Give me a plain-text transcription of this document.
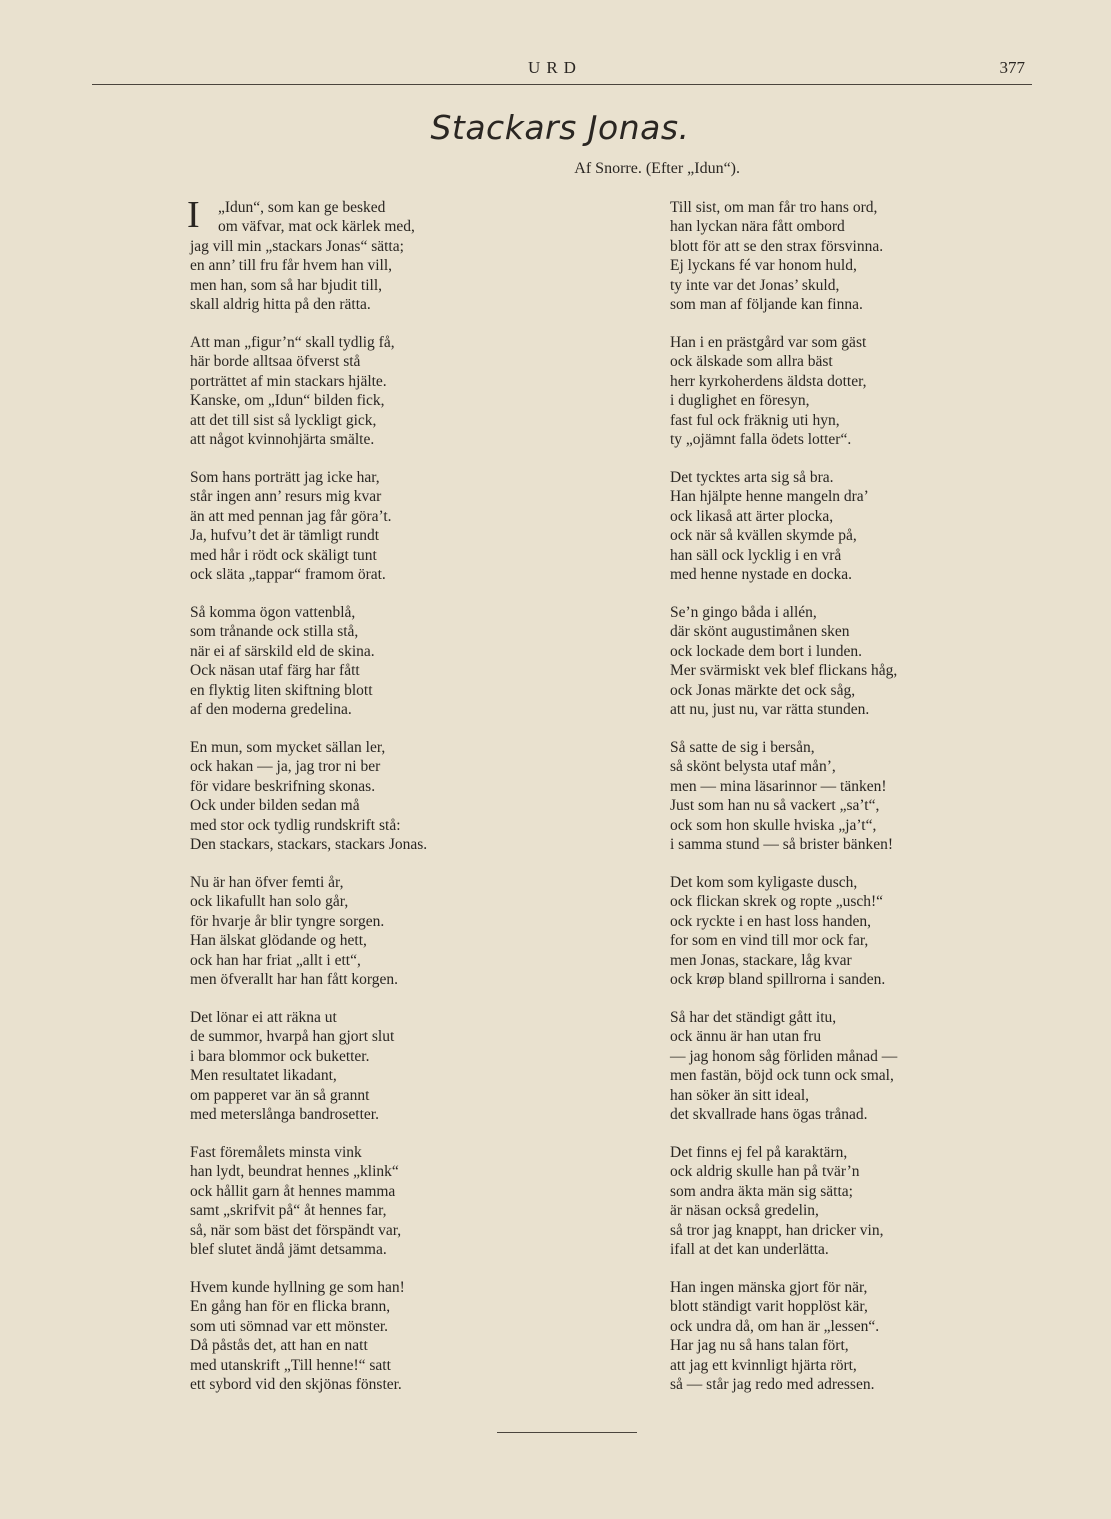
URD	377
Stackars Jonas.
Af Snorre. (Efter „Idun“).
I	„Idun“, som kan ge besked
om väfvar, mat ock kärlek med,
jag vill min „stackars Jonas“ sätta;
en ann’ till fru får hvem han vill,
men han, som så har bjudit till,
skall aldrig hitta på den rätta.
Att man „figur’n“ skall tydlig få,
här borde alltsaa öfverst stå
porträttet af min stackars hjälte.
Kanske, om „Idun“ bilden fick,
att det till sist så lyckligt gick,
att något kvinnohjärta smälte.
Som hans porträtt jag icke har,
står ingen ann’ resurs mig kvar
än att med pennan jag får göra’t.
Ja, hufvu’t det är tämligt rundt
med hår i rödt ock skäligt tunt
ock släta „tappar“ framom örat.
Så komma ögon vattenblå,
som trånande ock stilla stå,
när ei af särskild eld de skina.
Ock näsan utaf färg har fått
en flyktig liten skiftning blott
af den moderna gredelina.
En mun, som mycket sällan ler,
ock hakan — ja, jag tror ni ber
för vidare beskrifning skonas.
Ock under bilden sedan må
med stor ock tydlig rundskrift stå:
Den stackars, stackars, stackars Jonas.
Nu är han öfver femti år,
ock likafullt han solo går,
för hvarje år blir tyngre sorgen.
Han älskat glödande og hett,
ock han har friat „allt i ett“,
men öfverallt har han fått korgen.
Det lönar ei att räkna ut
de summor, hvarpå han gjort slut
i bara blommor ock buketter.
Men resultatet likadant,
om papperet var än så grannt
med meterslånga bandrosetter.
Fast föremålets minsta vink
han lydt, beundrat hennes „klink“
ock hållit garn åt hennes mamma
samt „skrifvit på“ åt hennes far,
så, när som bäst det förspändt var,
blef slutet ändå jämt detsamma.
Hvem kunde hyllning ge som han!
En gång han för en flicka brann,
som uti sömnad var ett mönster.
Då påstås det, att han en natt
med utanskrift „Till henne!“ satt
ett sybord vid den skjönas fönster.
Till sist, om man får tro hans ord,
han lyckan nära fått ombord
blott för att se den strax försvinna.
Ej lyckans fé var honom huld,
ty inte var det Jonas’ skuld,
som man af följande kan finna.
Han i en prästgård var som gäst
ock älskade som allra bäst
herr kyrkoherdens äldsta dotter,
i duglighet en föresyn,
fast ful ock fräknig uti hyn,
ty „ojämnt falla ödets lotter“.
Det tycktes arta sig så bra.
Han hjälpte henne mangeln dra’
ock likaså att ärter plocka,
ock när så kvällen skymde på,
han säll ock lycklig i en vrå
med henne nystade en docka.
Se’n gingo båda i allén,
där skönt augustimånen sken
ock lockade dem bort i lunden.
Mer svärmiskt vek blef flickans håg,
ock Jonas märkte det ock såg,
att nu, just nu, var rätta stunden.
Så satte de sig i bersån,
så skönt belysta utaf mån’,
men — mina läsarinnor — tänken!
Just som han nu så vackert „sa’t“,
ock som hon skulle hviska „ja’t“,
i samma stund — så brister bänken!
Det kom som kyligaste dusch,
ock flickan skrek og ropte „usch!“
ock ryckte i en hast loss handen,
for som en vind till mor ock far,
men Jonas, stackare, låg kvar
ock krøp bland spillrorna i sanden.
Så har det ständigt gått itu,
ock ännu är han utan fru
— jag honom såg förliden månad —
men fastän, böjd ock tunn ock smal,
han söker än sitt ideal,
det skvallrade hans ögas trånad.
Det finns ej fel på karaktärn,
ock aldrig skulle han på tvär’n
som andra äkta män sig sätta;
är näsan också gredelin,
så tror jag knappt, han dricker vin,
ifall at det kan underlätta.
Han ingen mänska gjort för när,
blott ständigt varit hopplöst kär,
ock undra då, om han är „lessen“.
Har jag nu så hans talan fört,
att jag ett kvinnligt hjärta rört,
så — står jag redo med adressen.
